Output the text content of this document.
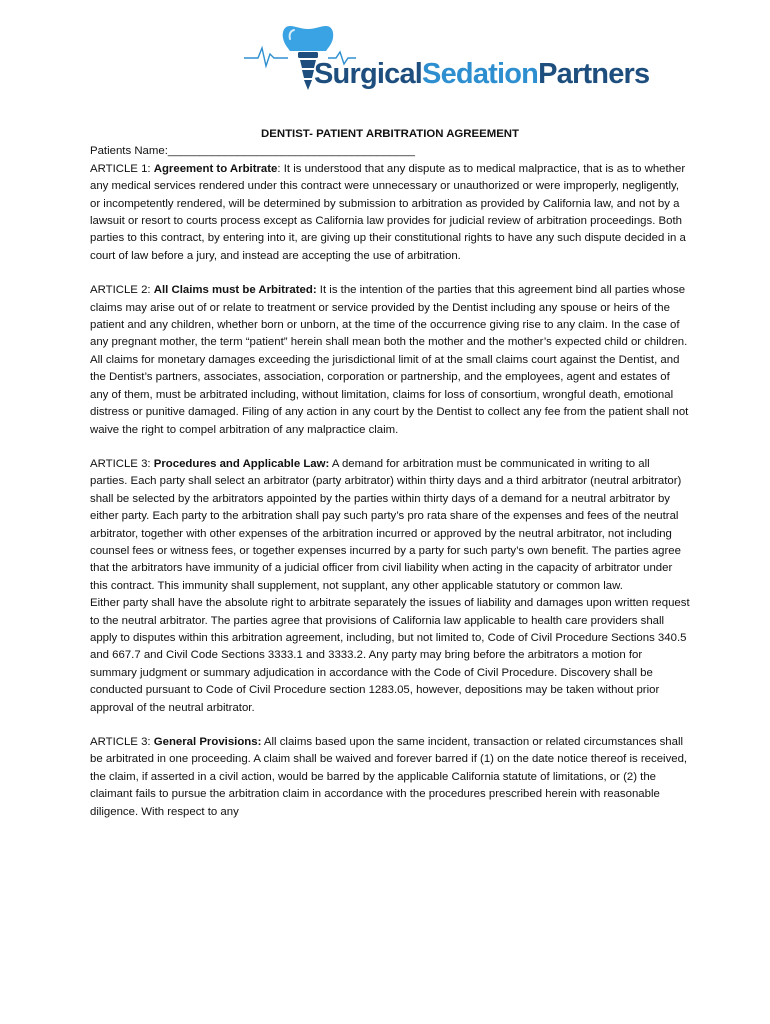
SurgicalSedationPartners
DENTIST- PATIENT ARBITRATION AGREEMENT

Patients Name:_______________________________________

ARTICLE 1: Agreement to Arbitrate: It is understood that any dispute as to medical malpractice, that is as to whether any medical services rendered under this contract were unnecessary or unauthorized or were improperly, negligently, or incompetently rendered, will be determined by submission to arbitration as provided by California law, and not by a lawsuit or resort to courts process except as California law provides for judicial review of arbitration proceedings. Both parties to this contract, by entering into it, are giving up their constitutional rights to have any such dispute decided in a court of law before a jury, and instead are accepting the use of arbitration.

ARTICLE 2: All Claims must be Arbitrated: It is the intention of the parties that this agreement bind all parties whose claims may arise out of or relate to treatment or service provided by the Dentist including any spouse or heirs of the patient and any children, whether born or unborn, at the time of the occurrence giving rise to any claim. In the case of any pregnant mother, the term “patient” herein shall mean both the mother and the mother’s expected child or children. All claims for monetary damages exceeding the jurisdictional limit of at the small claims court against the Dentist, and the Dentist’s partners, associates, association, corporation or partnership, and the employees, agent and estates of any of them, must be arbitrated including, without limitation, claims for loss of consortium, wrongful death, emotional distress or punitive damaged. Filing of any action in any court by the Dentist to collect any fee from the patient shall not waive the right to compel arbitration of any malpractice claim.

ARTICLE 3: Procedures and Applicable Law: A demand for arbitration must be communicated in writing to all parties. Each party shall select an arbitrator (party arbitrator) within thirty days and a third arbitrator (neutral arbitrator) shall be selected by the arbitrators appointed by the parties within thirty days of a demand for a neutral arbitrator by either party. Each party to the arbitration shall pay such party’s pro rata share of the expenses and fees of the neutral arbitrator, together with other expenses of the arbitration incurred or approved by the neutral arbitrator, not including counsel fees or witness fees, or together expenses incurred by a party for such party’s own benefit. The parties agree that the arbitrators have immunity of a judicial officer from civil liability when acting in the capacity of arbitrator under this contract. This immunity shall supplement, not supplant, any other applicable statutory or common law.

Either party shall have the absolute right to arbitrate separately the issues of liability and damages upon written request to the neutral arbitrator. The parties agree that provisions of California law applicable to health care providers shall apply to disputes within this arbitration agreement, including, but not limited to, Code of Civil Procedure Sections 340.5 and 667.7 and Civil Code Sections 3333.1 and 3333.2. Any party may bring before the arbitrators a motion for summary judgment or summary adjudication in accordance with the Code of Civil Procedure. Discovery shall be conducted pursuant to Code of Civil Procedure section 1283.05, however, depositions may be taken without prior approval of the neutral arbitrator.

ARTICLE 3: General Provisions: All claims based upon the same incident, transaction or related circumstances shall be arbitrated in one proceeding. A claim shall be waived and forever barred if (1) on the date notice thereof is received, the claim, if asserted in a civil action, would be barred by the applicable California statute of limitations, or (2) the claimant fails to pursue the arbitration claim in accordance with the procedures prescribed herein with reasonable diligence. With respect to any
